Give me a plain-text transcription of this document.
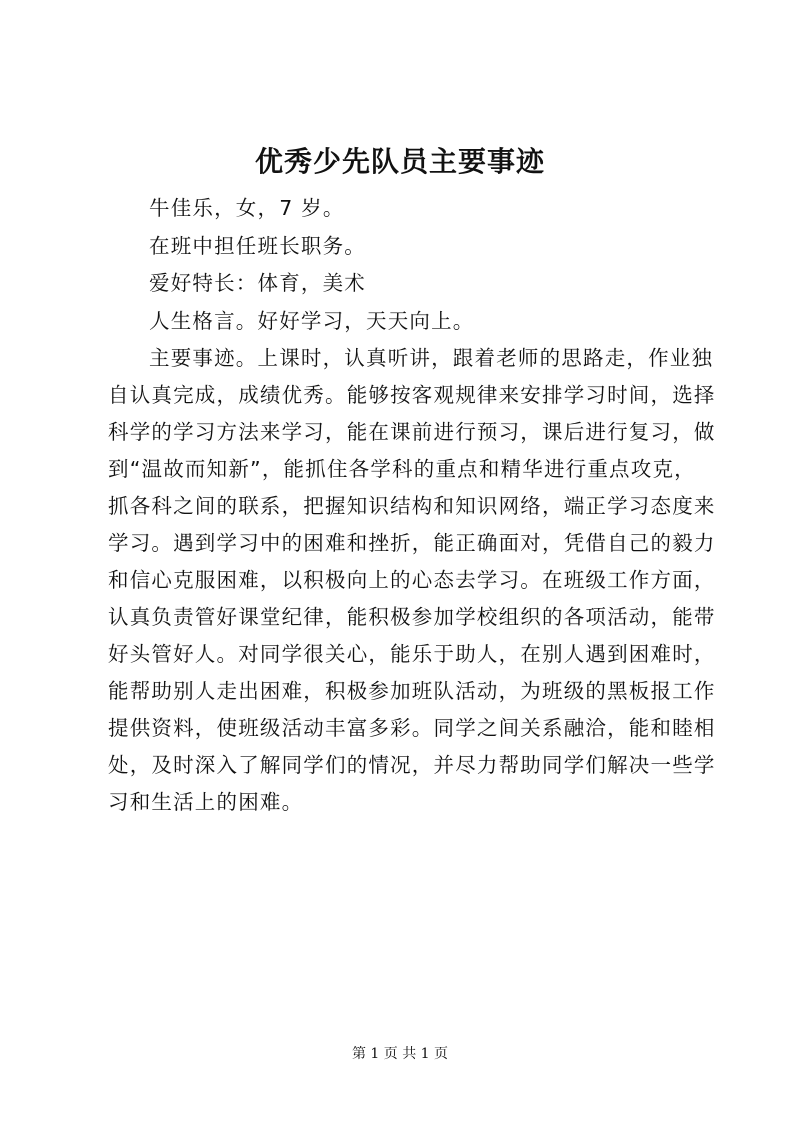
优秀少先队员主要事迹
牛佳乐，女，7 岁。
在班中担任班长职务。
爱好特长：体育，美术
人生格言。好好学习，天天向上。
主要事迹。上课时，认真听讲，跟着老师的思路走，作业独
自认真完成，成绩优秀。能够按客观规律来安排学习时间，选择
科学的学习方法来学习，能在课前进行预习，课后进行复习，做
到“温故而知新”，能抓住各学科的重点和精华进行重点攻克，
抓各科之间的联系，把握知识结构和知识网络，端正学习态度来
学习。遇到学习中的困难和挫折，能正确面对，凭借自己的毅力
和信心克服困难，以积极向上的心态去学习。在班级工作方面，
认真负责管好课堂纪律，能积极参加学校组织的各项活动，能带
好头管好人。对同学很关心，能乐于助人，在别人遇到困难时，
能帮助别人走出困难，积极参加班队活动，为班级的黑板报工作
提供资料，使班级活动丰富多彩。同学之间关系融洽，能和睦相
处，及时深入了解同学们的情况，并尽力帮助同学们解决一些学
习和生活上的困难。
第 1 页 共 1 页
